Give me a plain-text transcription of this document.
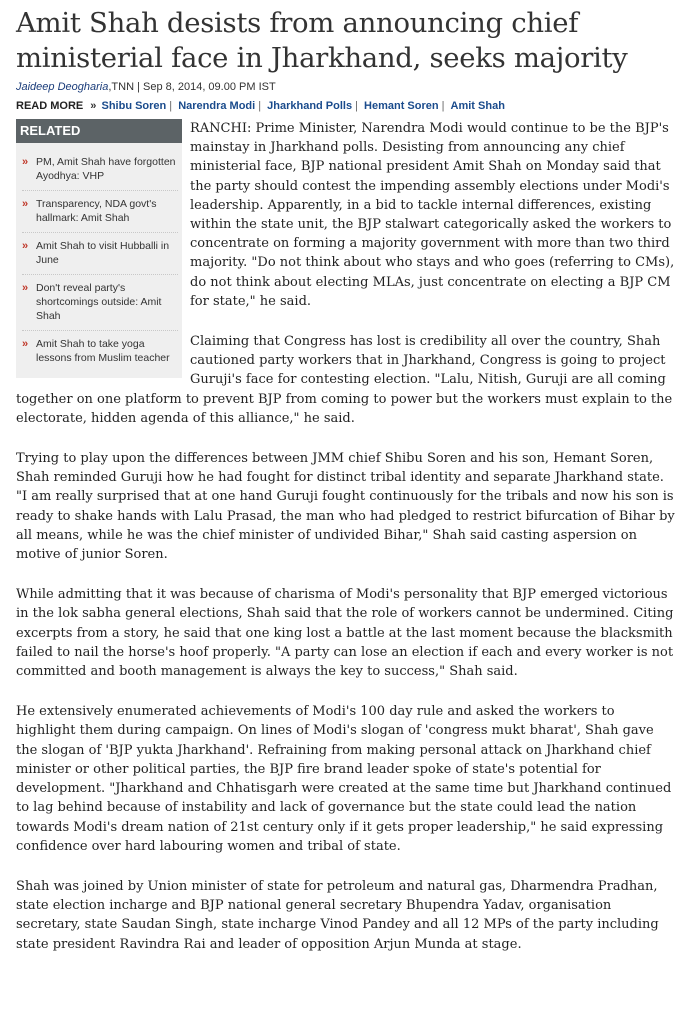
Amit Shah desists from announcing chief ministerial face in Jharkhand, seeks majority
Jaideep Deogharia,TNN | Sep 8, 2014, 09.00 PM IST
READ MORE » Shibu Soren | Narendra Modi | Jharkhand Polls | Hemant Soren | Amit Shah
RELATED
» PM, Amit Shah have forgotten Ayodhya: VHP
» Transparency, NDA govt's hallmark: Amit Shah
» Amit Shah to visit Hubballi in June
» Don't reveal party's shortcomings outside: Amit Shah
» Amit Shah to take yoga lessons from Muslim teacher

RANCHI: Prime Minister, Narendra Modi would continue to be the BJP's mainstay in Jharkhand polls. Desisting from announcing any chief ministerial face, BJP national president Amit Shah on Monday said that the party should contest the impending assembly elections under Modi's leadership. Apparently, in a bid to tackle internal differences, existing within the state unit, the BJP stalwart categorically asked the workers to concentrate on forming a majority government with more than two third majority. "Do not think about who stays and who goes (referring to CMs), do not think about electing MLAs, just concentrate on electing a BJP CM for state," he said.

Claiming that Congress has lost is credibility all over the country, Shah cautioned party workers that in Jharkhand, Congress is going to project Guruji's face for contesting election. "Lalu, Nitish, Guruji are all coming together on one platform to prevent BJP from coming to power but the workers must explain to the electorate, hidden agenda of this alliance," he said.

Trying to play upon the differences between JMM chief Shibu Soren and his son, Hemant Soren, Shah reminded Guruji how he had fought for distinct tribal identity and separate Jharkhand state. "I am really surprised that at one hand Guruji fought continuously for the tribals and now his son is ready to shake hands with Lalu Prasad, the man who had pledged to restrict bifurcation of Bihar by all means, while he was the chief minister of undivided Bihar," Shah said casting aspersion on motive of junior Soren.

While admitting that it was because of charisma of Modi's personality that BJP emerged victorious in the lok sabha general elections, Shah said that the role of workers cannot be undermined. Citing excerpts from a story, he said that one king lost a battle at the last moment because the blacksmith failed to nail the horse's hoof properly. "A party can lose an election if each and every worker is not committed and booth management is always the key to success," Shah said.

He extensively enumerated achievements of Modi's 100 day rule and asked the workers to highlight them during campaign. On lines of Modi's slogan of 'congress mukt bharat', Shah gave the slogan of 'BJP yukta Jharkhand'. Refraining from making personal attack on Jharkhand chief minister or other political parties, the BJP fire brand leader spoke of state's potential for development. "Jharkhand and Chhatisgarh were created at the same time but Jharkhand continued to lag behind because of instability and lack of governance but the state could lead the nation towards Modi's dream nation of 21st century only if it gets proper leadership," he said expressing confidence over hard labouring women and tribal of state.

Shah was joined by Union minister of state for petroleum and natural gas, Dharmendra Pradhan, state election incharge and BJP national general secretary Bhupendra Yadav, organisation secretary, state Saudan Singh, state incharge Vinod Pandey and all 12 MPs of the party including state president Ravindra Rai and leader of opposition Arjun Munda at stage.
